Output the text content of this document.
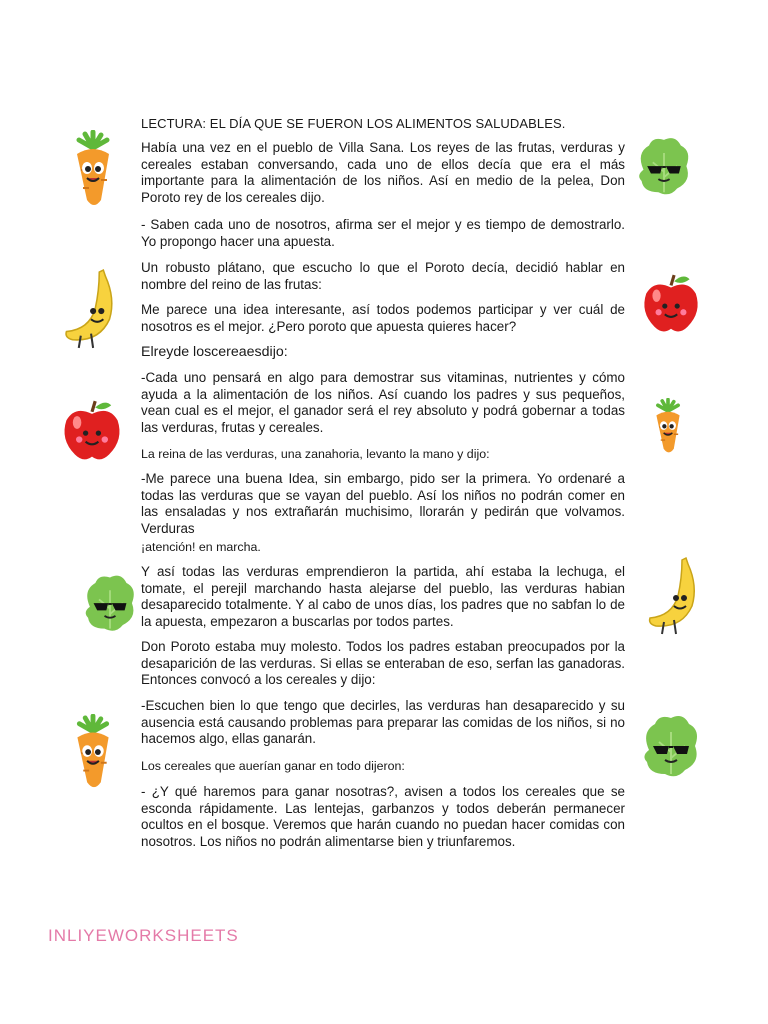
LECTURA: EL DÍA QUE SE FUERON LOS ALIMENTOS SALUDABLES.
Había una vez en el pueblo de Villa Sana. Los reyes de las frutas, verduras y cereales estaban conversando, cada uno de ellos decía que era el más importante para la alimentación de los niños. Así en medio de la pelea, Don Poroto rey de los cereales dijo.
- Saben cada uno de nosotros, afirma ser el mejor y es tiempo de demostrarlo. Yo propongo hacer una apuesta.
Un robusto plátano, que escucho lo que el Poroto decía, decidió hablar en nombre del reino de las frutas:
Me parece una idea interesante, así todos podemos participar y ver cuál de nosotros es el mejor. ¿Pero poroto que apuesta quieres hacer?
Elreyde loscereaesdijo:
-Cada uno pensará en algo para demostrar sus vitaminas, nutrientes y cómo ayuda a la alimentación de los niños. Así cuando los padres y sus pequeños, vean cual es el mejor, el ganador será el rey absoluto y podrá gobernar a todas las verduras, frutas y cereales.
La reina de las verduras, una zanahoria, levanto la mano y dijo:
-Me parece una buena Idea, sin embargo, pido ser la primera. Yo ordenaré a todas las verduras que se vayan del pueblo. Así los niños no podrán comer en las ensaladas y nos extrañarán muchisimo, llorarán y pedirán que volvamos. Verduras
¡atención! en marcha.
Y así todas las verduras emprendieron la partida, ahí estaba la lechuga, el tomate, el perejil marchando hasta alejarse del pueblo, las verduras habian desaparecido totalmente. Y al cabo de unos días, los padres que no sabfan lo de la apuesta, empezaron a buscarlas por todos partes.
Don Poroto estaba muy molesto. Todos los padres estaban preocupados por la desaparición de las verduras. Si ellas se enteraban de eso, serfan las ganadoras. Entonces convocó a los cereales y dijo:
-Escuchen bien lo que tengo que decirles, las verduras han desaparecido y su ausencia está causando problemas para preparar las comidas de los niños, si no hacemos algo, ellas ganarán.
Los cereales que auerían ganar en todo dijeron:
- ¿Y qué haremos para ganar nosotras?, avisen a todos los cereales que se esconda rápidamente. Las lentejas, garbanzos y todos deberán permanecer ocultos en el bosque. Veremos que harán cuando no puedan hacer comidas con nosotros. Los niños no podrán alimentarse bien y triunfaremos.
INLIYEWORKSHEETS
